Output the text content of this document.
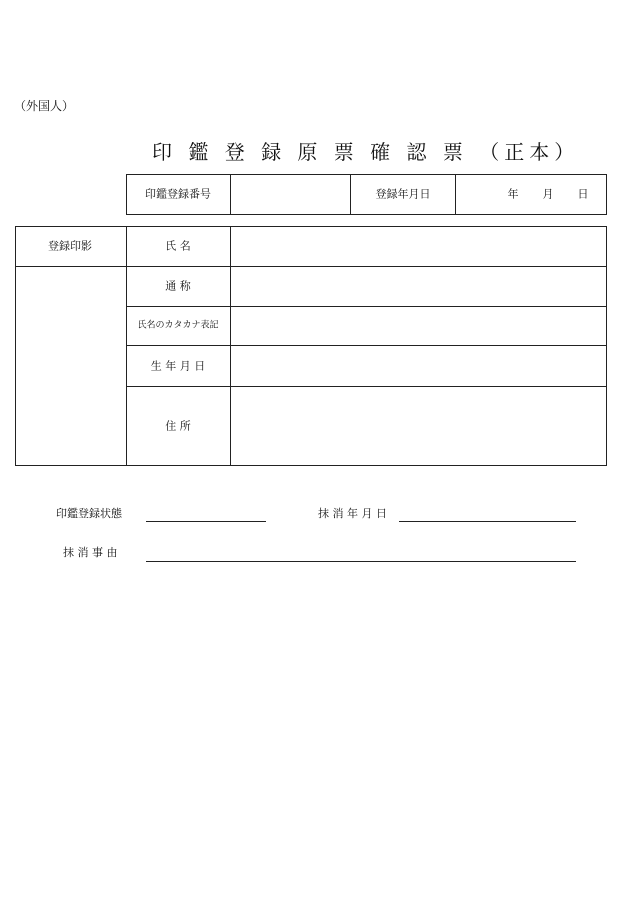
（外国人）
印 鑑 登 録 原 票 確 認 票 （正本）
印鑑登録番号	登録年月日	年 月 日
登録印影	氏 名
通 称
氏名のカタカナ表記
生 年 月 日
住 所
印鑑登録状態	抹 消 年 月 日
抹 消 事 由
